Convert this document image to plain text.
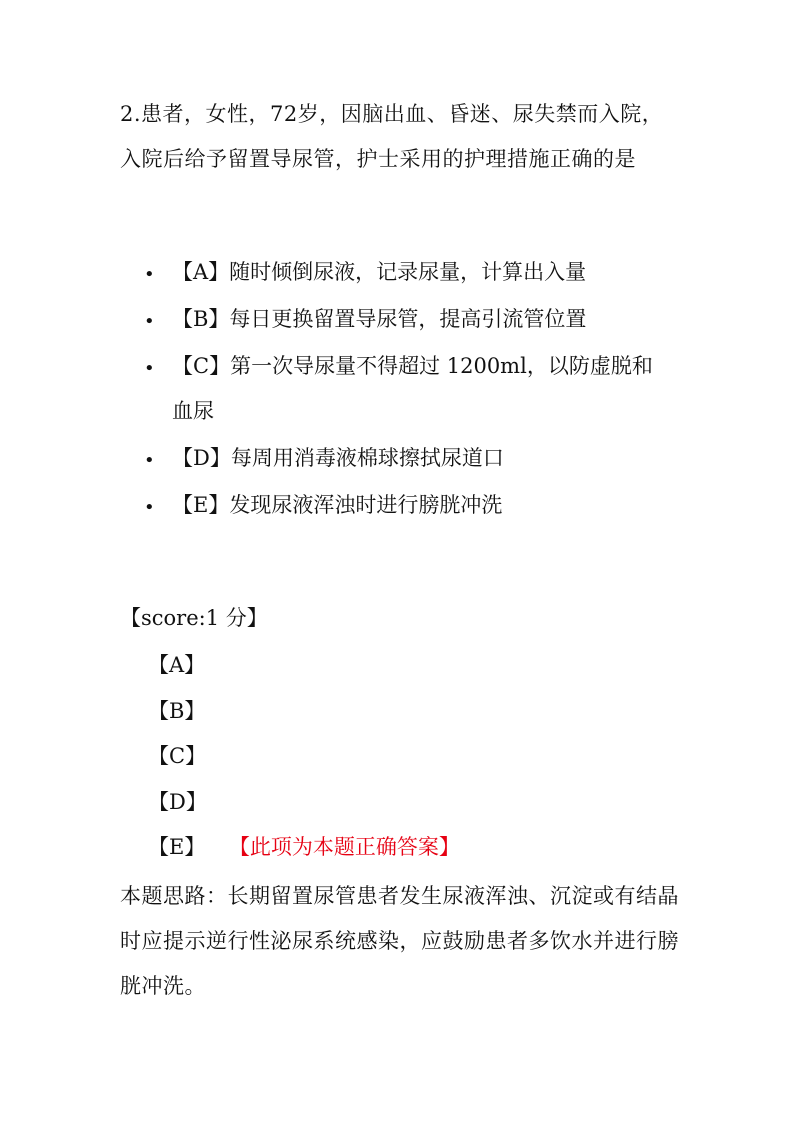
2.患者，女性，72岁，因脑出血、昏迷、尿失禁而入院，入院后给予留置导尿管，护士采用的护理措施正确的是
• 【A】随时倾倒尿液，记录尿量，计算出入量
• 【B】每日更换留置导尿管，提高引流管位置
• 【C】第一次导尿量不得超过 1200ml，以防虚脱和血尿
• 【D】每周用消毒液棉球擦拭尿道口
• 【E】发现尿液浑浊时进行膀胱冲洗
【score:1 分】
【A】
【B】
【C】
【D】
【E】 【此项为本题正确答案】
本题思路：长期留置尿管患者发生尿液浑浊、沉淀或有结晶时应提示逆行性泌尿系统感染，应鼓励患者多饮水并进行膀胱冲洗。
